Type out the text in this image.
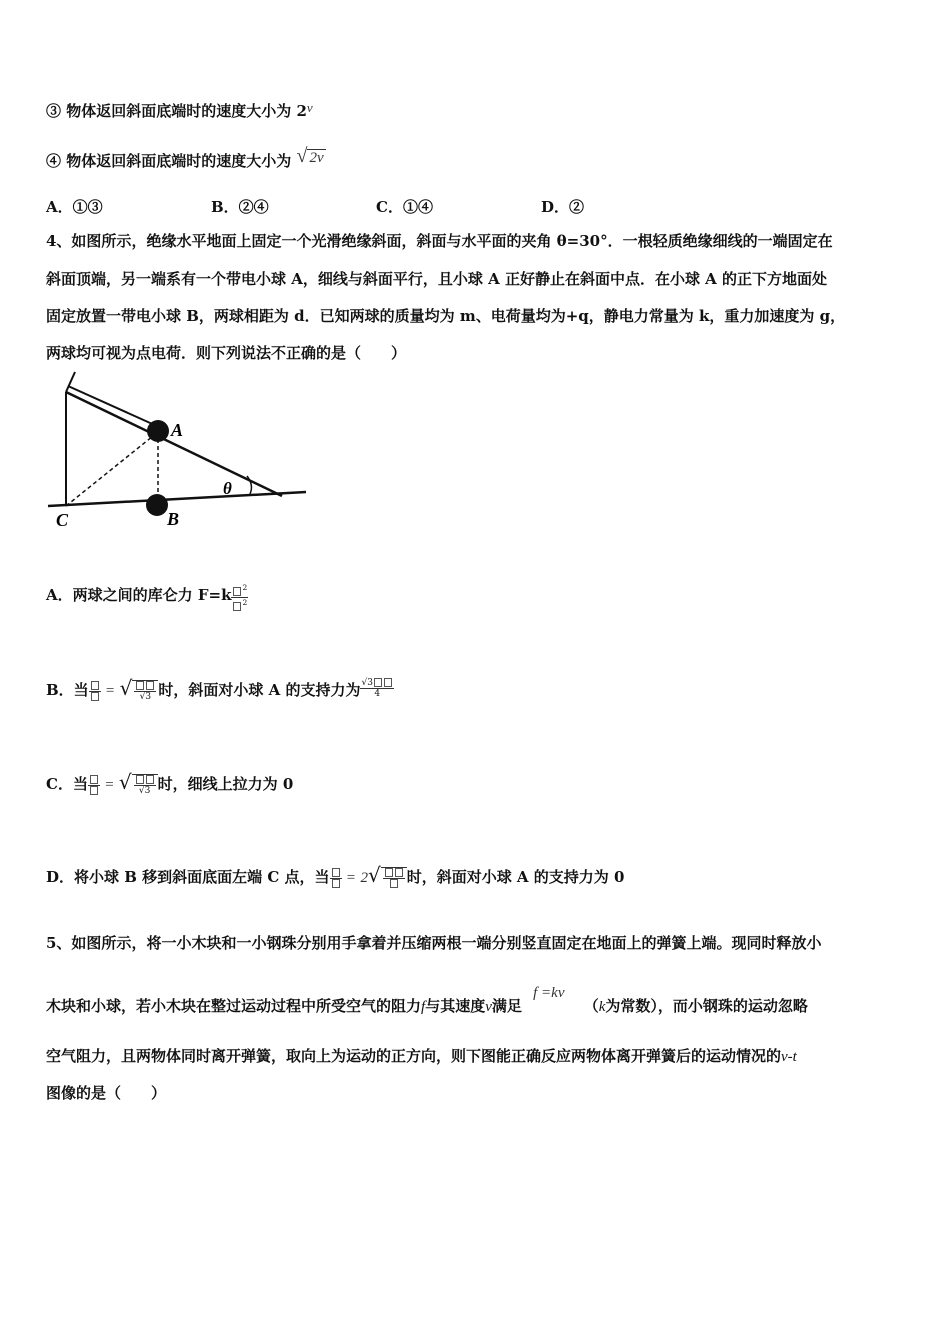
③ 物体返回斜面底端时的速度大小为 2v
④ 物体返回斜面底端时的速度大小为 √ 2v
A．①③	B．②④	C．①④	D．②
4、如图所示，绝缘水平地面上固定一个光滑绝缘斜面，斜面与水平面的夹角 θ=30°．一根轻质绝缘细线的一端固定在
斜面顶端，另一端系有一个带电小球 A，细线与斜面平行，且小球 A 正好静止在斜面中点．在小球 A 的正下方地面处
固定放置一带电小球 B，两球相距为 d．已知两球的质量均为 m、电荷量均为+q，静电力常量为 k，重力加速度为 g，
两球均可视为点电荷．则下列说法不正确的是（　　）
A
B
C
θ
A．两球之间的库仑力 $F=k \frac{^2}{^2}$
B．当 = √ √3 时，斜面对小球 A 的支持力为 $\frac{√3}{4}$
C．当 = √ √3 时，细线上拉力为 0
D．将小球 B 移到斜面底面左端 C 点，当 = 2√ 时，斜面对小球 A 的支持力为 0
5、如图所示，将一小木块和一小钢珠分别用手拿着并压缩两根一端分别竖直固定在地面上的弹簧上端。现同时释放小
木块和小球，若小木块在整过运动过程中所受空气的阻力f与其速度v满足 f =kv （k为常数），而小钢珠的运动忽略
空气阻力，且两物体同时离开弹簧，取向上为运动的正方向，则下图能正确反应两物体离开弹簧后的运动情况的v-t
图像的是（　　）
